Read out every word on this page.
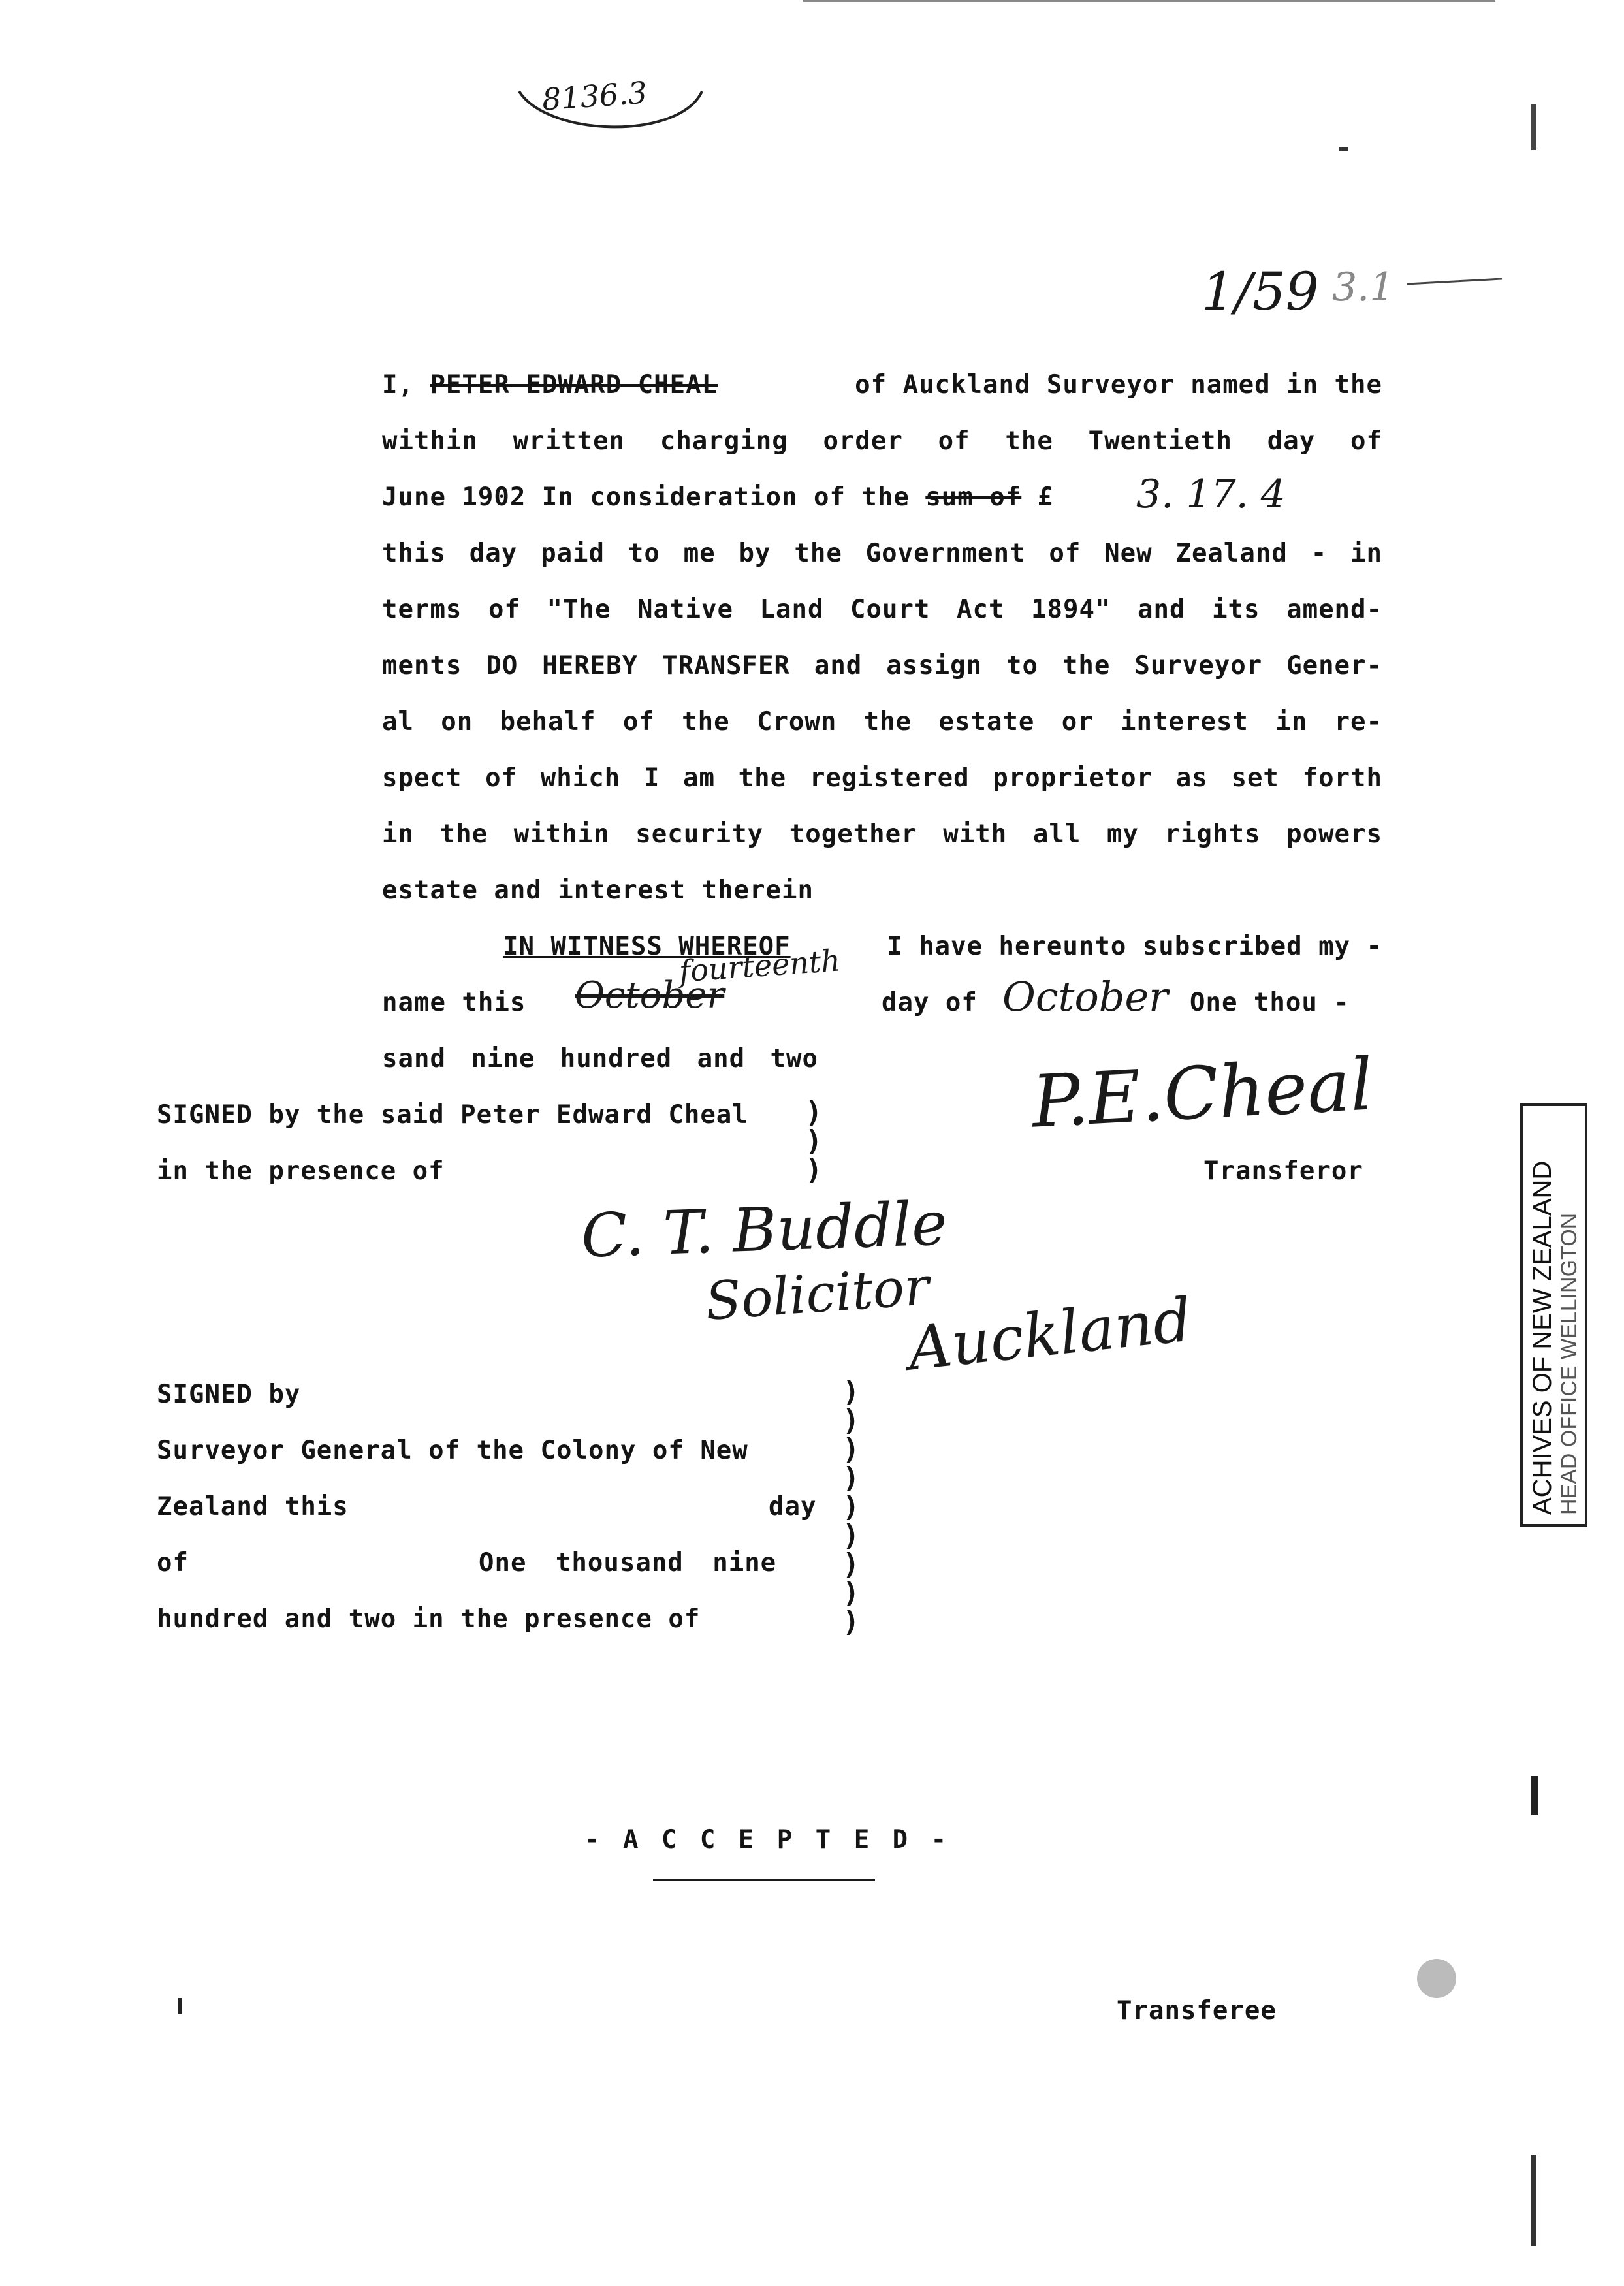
8136.3
1/59 3.1
I, PETER EDWARD CHEAL	of Auckland Surveyor named in the
within written charging order of the Twentieth day of
June 1902 In consideration of the sum of £ 3. 17. 4
this day paid to me by the Government of New Zealand ‐ in
terms of "The Native Land Court Act 1894" and its amend-
ments DO HEREBY TRANSFER and assign to the Surveyor Gener-
al on behalf of the Crown the estate or interest in re-
spect of which I am the registered proprietor as set forth
in the within security together with all my rights powers
estate and interest therein
IN WITNESS WHEREOF	I have hereunto subscribed my -
name this October
fourteenth
day of October One thou -
sand nine hundred and two
SIGNED by the said Peter Edward Cheal
in the presence of
)
)
)
P.E.Cheal
Transferor
C. T. Buddle
Solicitor
Auckland
SIGNED by
Surveyor General of the Colony of New
Zealand this	day
of	One thousand nine
hundred and two in the presence of
)
)
)
)
)
)
)
)
)
- A C C E P T E D -
Transferee
ACHIVES OF NEW ZEALAND HEAD OFFICE WELLINGTON
